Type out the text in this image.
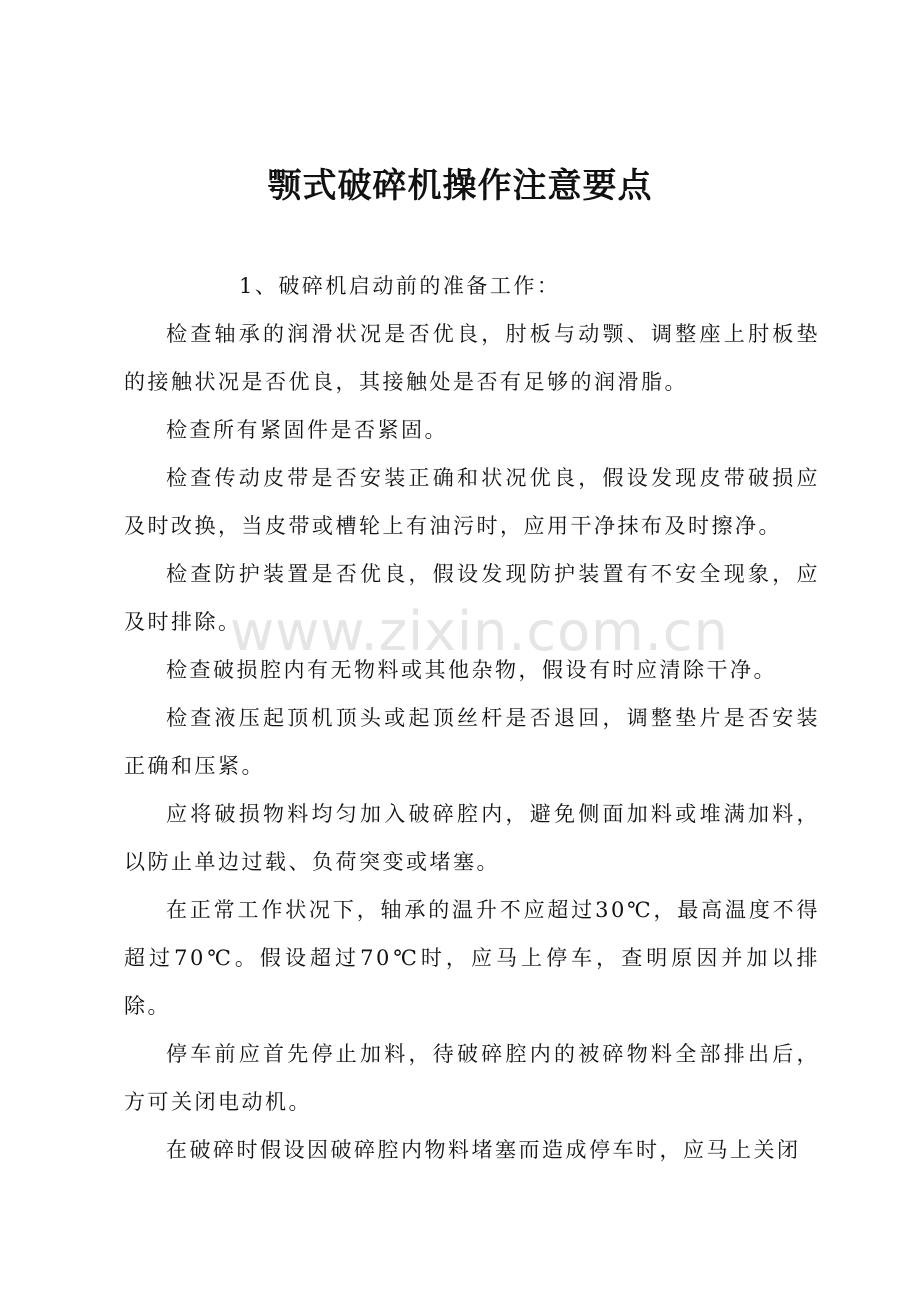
颚式破碎机操作注意要点

1、破碎机启动前的准备工作：

检查轴承的润滑状况是否优良，肘板与动颚、调整座上肘板垫的接触状况是否优良，其接触处是否有足够的润滑脂。

检查所有紧固件是否紧固。

检查传动皮带是否安装正确和状况优良，假设发现皮带破损应及时改换，当皮带或槽轮上有油污时，应用干净抹布及时擦净。

检查防护装置是否优良，假设发现防护装置有不安全现象，应及时排除。

检查破损腔内有无物料或其他杂物，假设有时应清除干净。

检查液压起顶机顶头或起顶丝杆是否退回，调整垫片是否安装正确和压紧。

应将破损物料均匀加入破碎腔内，避免侧面加料或堆满加料，以防止单边过载、负荷突变或堵塞。

在正常工作状况下，轴承的温升不应超过30℃，最高温度不得超过70℃。假设超过70℃时，应马上停车，查明原因并加以排除。

停车前应首先停止加料，待破碎腔内的被碎物料全部排出后，方可关闭电动机。

在破碎时假设因破碎腔内物料堵塞而造成停车时，应马上关闭

www.zixin.com.cn
